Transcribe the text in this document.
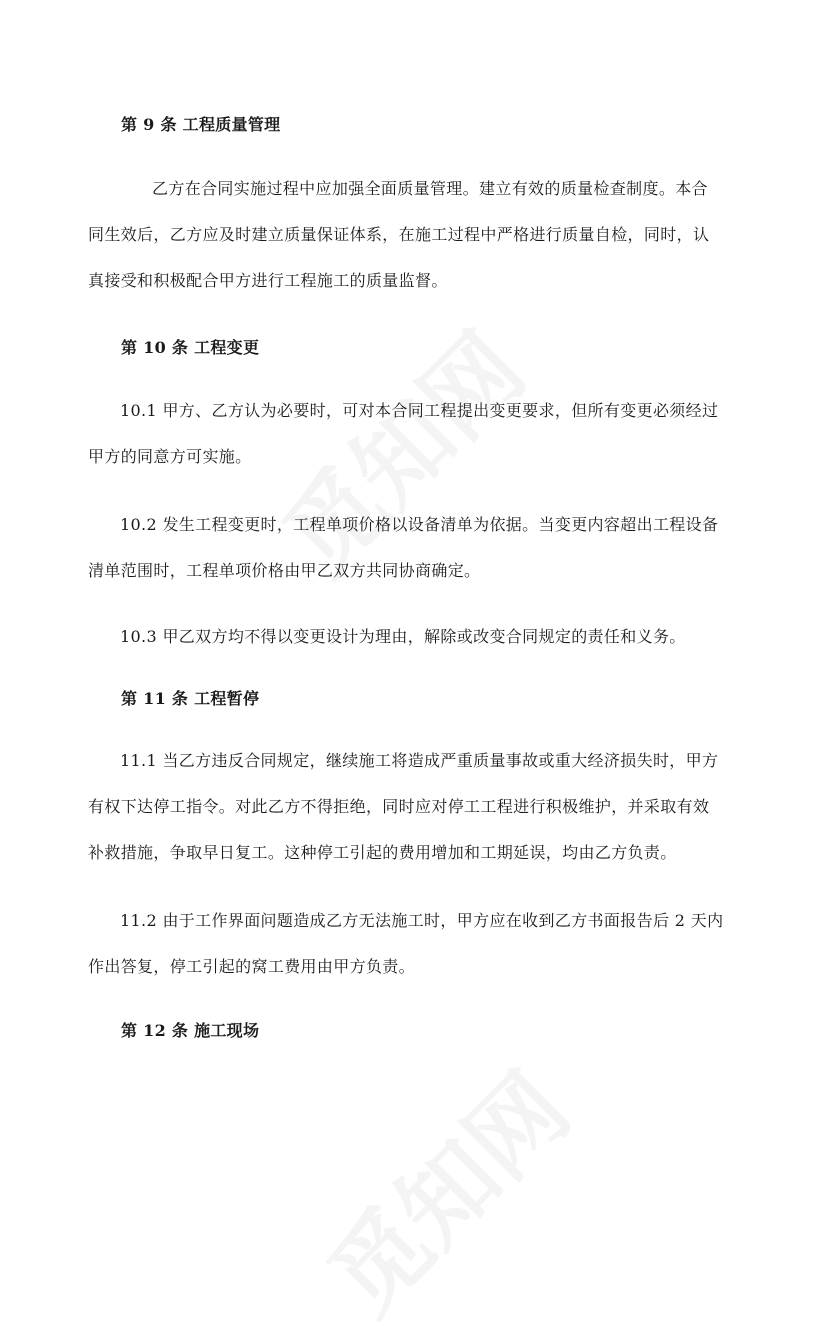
第 9 条 工程质量管理
乙方在合同实施过程中应加强全面质量管理。建立有效的质量检查制度。本合
同生效后，乙方应及时建立质量保证体系，在施工过程中严格进行质量自检，同时，认
真接受和积极配合甲方进行工程施工的质量监督。
第 10 条 工程变更
10.1 甲方、乙方认为必要时，可对本合同工程提出变更要求，但所有变更必须经过
甲方的同意方可实施。
10.2 发生工程变更时，工程单项价格以设备清单为依据。当变更内容超出工程设备
清单范围时，工程单项价格由甲乙双方共同协商确定。
10.3 甲乙双方均不得以变更设计为理由，解除或改变合同规定的责任和义务。
第 11 条 工程暂停
11.1 当乙方违反合同规定，继续施工将造成严重质量事故或重大经济损失时，甲方
有权下达停工指令。对此乙方不得拒绝，同时应对停工工程进行积极维护，并采取有效
补救措施，争取早日复工。这种停工引起的费用增加和工期延误，均由乙方负责。
11.2 由于工作界面问题造成乙方无法施工时，甲方应在收到乙方书面报告后 2 天内
作出答复，停工引起的窝工费用由甲方负责。
第 12 条 施工现场
